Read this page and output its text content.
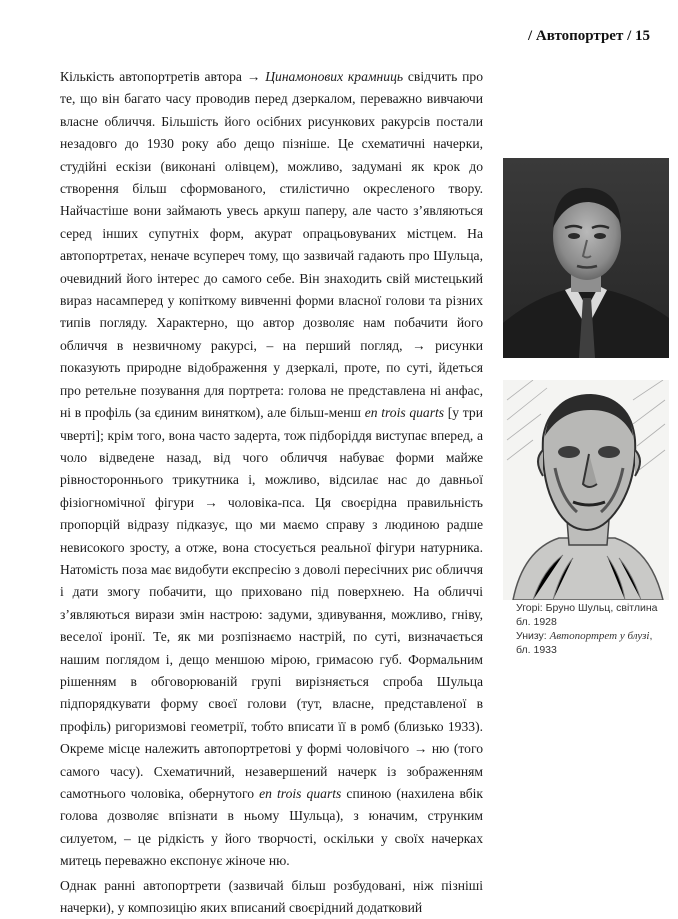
/ Автопортрет / 15

Кількість автопортретів автора → Цинамонових крамниць свідчить про те, що він багато часу проводив перед дзеркалом, переважно вивчаючи власне обличчя. Більшість його осібних рисункових ракурсів постали незадовго до 1930 року або дещо пізніше. Це схематичні начерки, студійні ескізи (виконані олівцем), можливо, задумані як крок до створення більш сформованого, стилістично окресленого твору. Найчастіше вони займають увесь аркуш паперу, але часто з’являються серед інших супутніх форм, акурат опрацьовуваних містцем. На автопортретах, неначе всупереч тому, що зазвичай гадають про Шульца, очевидний його інтерес до самого себе. Він знаходить свій мистецький вираз насамперед у копіткому вивченні форми власної голови та різних типів погляду. Характерно, що автор дозволяє нам побачити його обличчя в незвичному ракурсі, – на перший погляд, → рисунки показують природне відображення у дзеркалі, проте, по суті, йдеться про ретельне позування для портрета: голова не представлена ні анфас, ні в профіль (за єдиним винятком), але більш-менш en trois quarts [у три чверті]; крім того, вона часто задерта, тож підборіддя виступає вперед, а чоло відведене назад, від чого обличчя набуває форми майже рівностороннього трикутника і, можливо, відсилає нас до давньої фізіогномічної фігури → чоловіка-пса. Ця своєрідна правильність пропорцій відразу підказує, що ми маємо справу з людиною радше невисокого зросту, а отже, вона стосується реальної фігури натурника. Натомість поза має видобути експресію з доволі пересічних рис обличчя і дати змогу побачити, що приховано під поверхнею. На обличчі з’являються вирази змін настрою: задуми, здивування, можливо, гніву, веселої іронії. Те, як ми розпізнаємо настрій, по суті, визначається нашим поглядом і, дещо меншою мірою, гримасою губ. Формальним рішенням в обговорюваній групі вирізняється спроба Шульца підпорядкувати форму своєї голови (тут, власне, представленої в профіль) ригоризмові геометрії, тобто вписати її в ромб (близько 1933). Окреме місце належить автопортретові у формі чоловічого → ню (того самого часу). Схематичний, незавершений начерк із зображенням самотнього чоловіка, обернутого en trois quarts спиною (нахилена вбік голова дозволяє впізнати в ньому Шульца), з юначим, струнким силуетом, – це рідкість у його творчості, оскільки у своїх начерках митець переважно експонує жіноче ню.

Однак ранні автопортрети (зазвичай більш розбудовані, ніж пізніші начерки), у композицію яких вписаний своєрідний додатковий

Угорі: Бруно Шульц, світлина бл. 1928

Унизу: Автопортрет у блузі, бл. 1933
